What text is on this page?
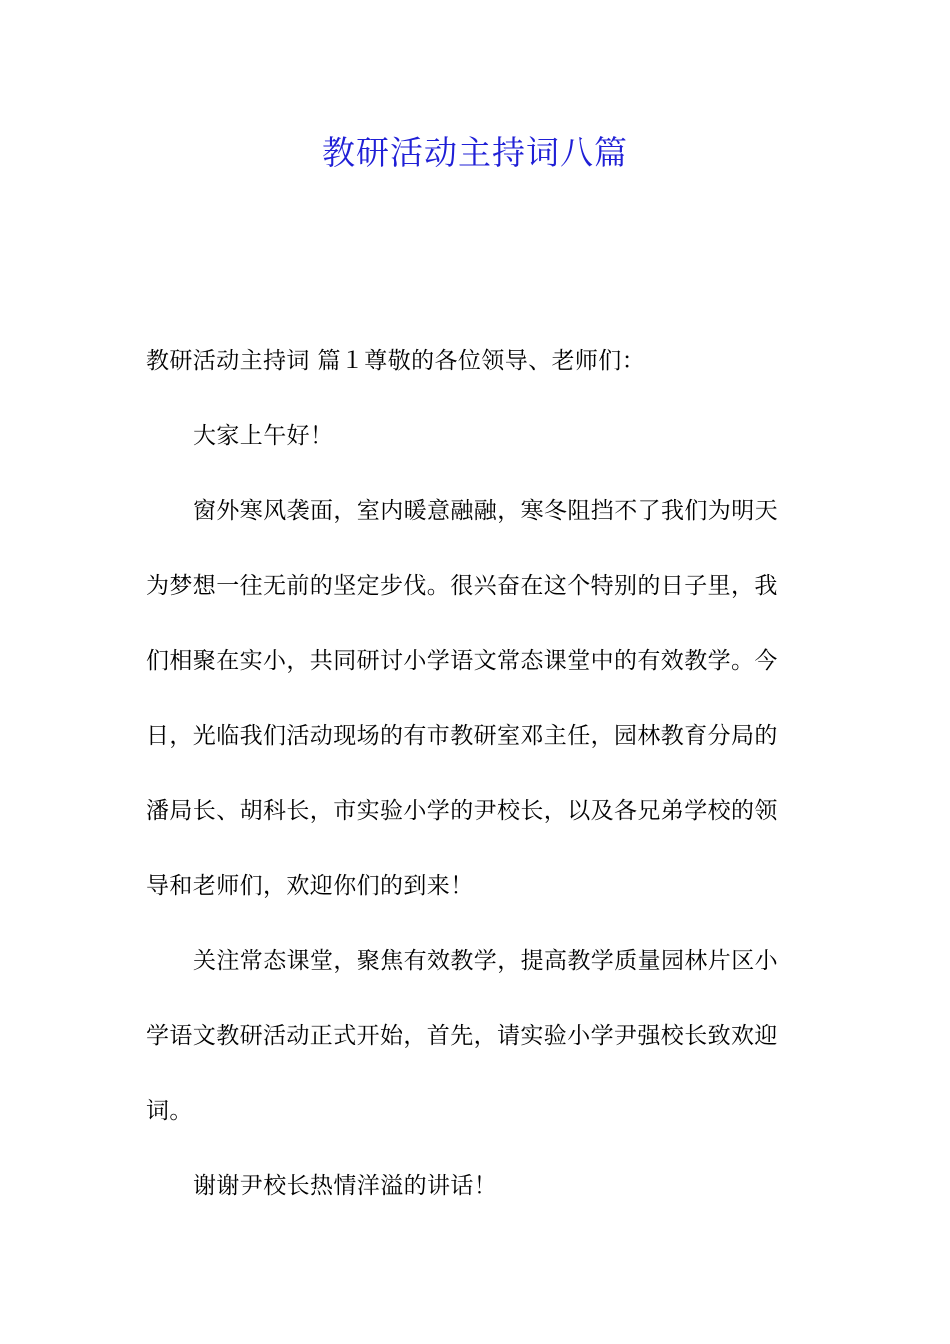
教研活动主持词八篇
教研活动主持词 篇１尊敬的各位领导、老师们：
大家上午好！
窗外寒风袭面，室内暖意融融，寒冬阻挡不了我们为明天
为梦想一往无前的坚定步伐。很兴奋在这个特别的日子里，我
们相聚在实小，共同研讨小学语文常态课堂中的有效教学。今
日，光临我们活动现场的有市教研室邓主任，园林教育分局的
潘局长、胡科长，市实验小学的尹校长，以及各兄弟学校的领
导和老师们，欢迎你们的到来！
关注常态课堂，聚焦有效教学，提高教学质量园林片区小
学语文教研活动正式开始，首先，请实验小学尹强校长致欢迎
词。
谢谢尹校长热情洋溢的讲话！
